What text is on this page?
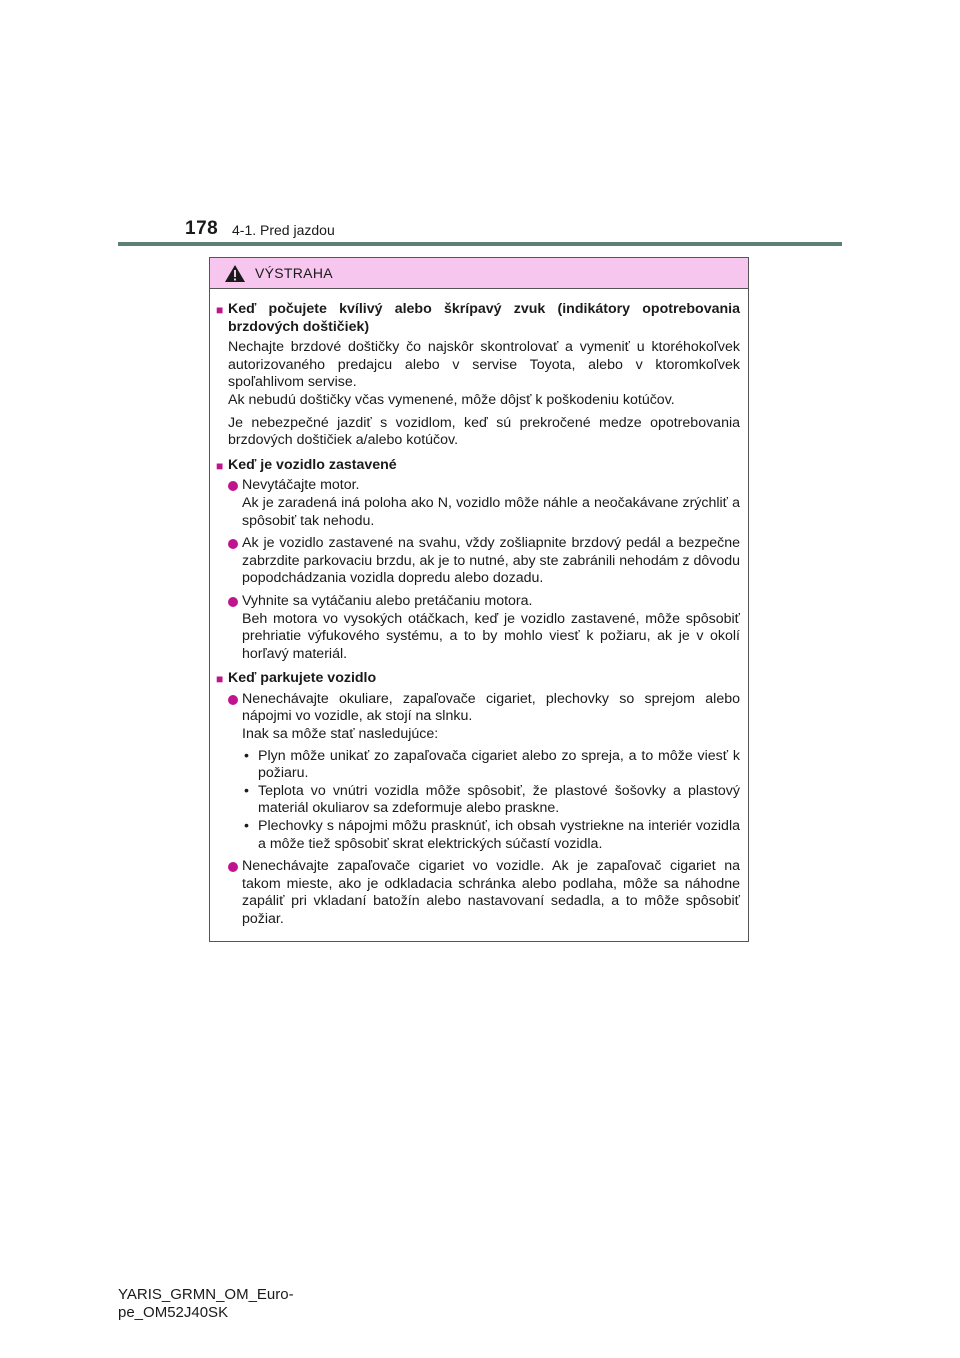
178 4-1. Pred jazdou
VÝSTRAHA
■ Keď počujete kvílivý alebo škrípavý zvuk (indikátory opotrebovania brzdových doštičiek)
Nechajte brzdové doštičky čo najskôr skontrolovať a vymeniť u ktoréhokoľvek autorizovaného predajcu alebo v servise Toyota, alebo v ktoromkoľvek spoľahlivom servise.
Ak nebudú doštičky včas vymenené, môže dôjsť k poškodeniu kotúčov.
Je nebezpečné jazdiť s vozidlom, keď sú prekročené medze opotrebovania brzdových doštičiek a/alebo kotúčov.
■ Keď je vozidlo zastavené
Nevytáčajte motor.
Ak je zaradená iná poloha ako N, vozidlo môže náhle a neočakávane zrýchliť a spôsobiť tak nehodu.
Ak je vozidlo zastavené na svahu, vždy zošliapnite brzdový pedál a bezpečne zabrzdite parkovaciu brzdu, ak je to nutné, aby ste zabránili nehodám z dôvodu popodchádzania vozidla dopredu alebo dozadu.
Vyhnite sa vytáčaniu alebo pretáčaniu motora.
Beh motora vo vysokých otáčkach, keď je vozidlo zastavené, môže spôsobiť prehriatie výfukového systému, a to by mohlo viesť k požiaru, ak je v okolí horľavý materiál.
■ Keď parkujete vozidlo
Nenechávajte okuliare, zapaľovače cigariet, plechovky so sprejom alebo nápojmi vo vozidle, ak stojí na slnku.
Inak sa môže stať nasledujúce:
• Plyn môže unikať zo zapaľovača cigariet alebo zo spreja, a to môže viesť k požiaru.
• Teplota vo vnútri vozidla môže spôsobiť, že plastové šošovky a plastový materiál okuliarov sa zdeformuje alebo praskne.
• Plechovky s nápojmi môžu prasknúť, ich obsah vystriekne na interiér vozidla a môže tiež spôsobiť skrat elektrických súčastí vozidla.
Nenechávajte zapaľovače cigariet vo vozidle. Ak je zapaľovač cigariet na takom mieste, ako je odkladacia schránka alebo podlaha, môže sa náhodne zapáliť pri vkladaní batožín alebo nastavovaní sedadla, a to môže spôsobiť požiar.
YARIS_GRMN_OM_Euro-
pe_OM52J40SK
